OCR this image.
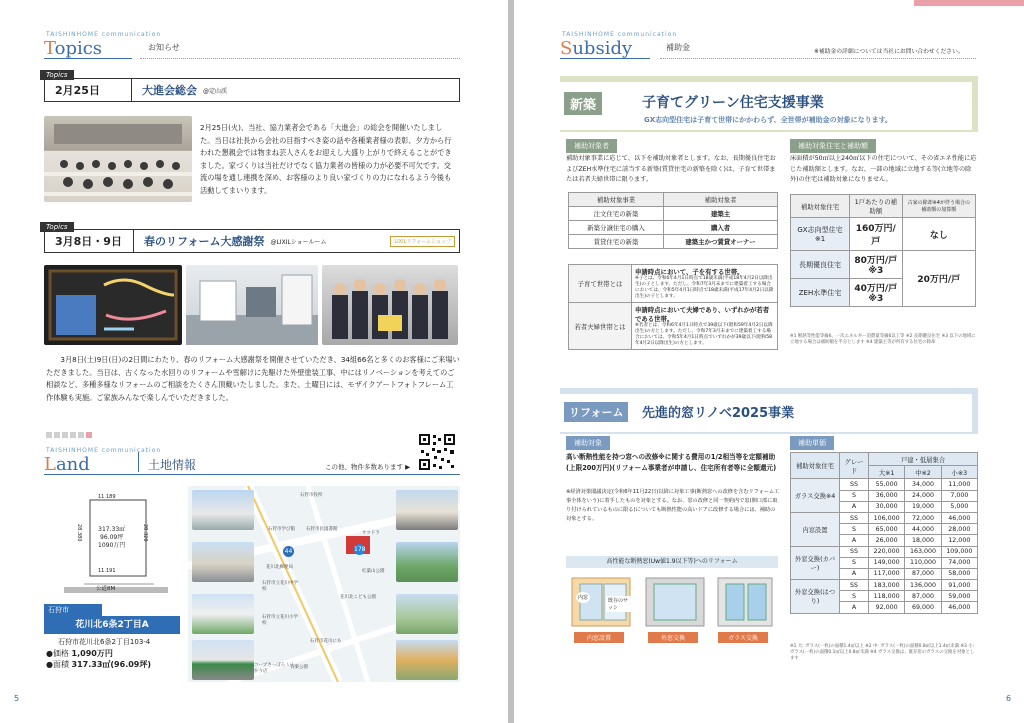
TAISHINHOME communication
Topics	お知らせ
Topics
2月25日	大進会総会 @定山渓
2月25日(火)、当社、協力業者会である「大進会」の総会を開催いたしました。当日は社長から会社の目指すべき姿の話や各種業者様の表彰、夕方から行われた懇親会では物まね芸人さんをお迎えし大盛り上がりで終えることができました。家づくりは当社だけでなく協力業者の皆様の力が必要不可欠です。交流の場を通し連携を深め、お客様のより良い家づくりの力になれるよう今後も活動してまいります。
Topics
3月8日・9日	春のリフォーム大感謝祭 @LIXILショールーム	LIXILリフォームショップ
3月8日(土)9日(日)の2日間にわたり、春のリフォーム大感謝祭を開催させていただき、34組66名と多くのお客様にご来場いただきました。当日は、古くなった水回りのリフォームや雪解けに先駆けた外壁塗装工事、中にはリノベーションを考えてのご相談など、多種多様なリフォームのご相談をたくさん頂戴いたしました。また、土曜日には、モザイクアートフォトフレーム工作体験も実施。ご家族みんなで楽しんでいただきました。
TAISHINHOME communication
Land	土地情報	この他、物件多数あります ▶
11.189
11.191
28.380	28.320
317.33㎡
96.09坪
1090万円
公道8M
石狩市
花川北6条2丁目A
石狩市花川北6条2丁目103-4
●価格 1,090万円
●面積 317.33㎡(96.09坪)
44	178
石狩市役所
石狩市民図書館
石狩市学び館
石狩市立花川中学校
花川北郵便局
石狩市立花川小学校
紅葉山公園
サツドラ
花川北こども公園
石狩市花川にも
有楽公園
コープさっぽろ いしかり店
5
TAISHINHOME communication
Subsidy	補助金	※補助金の詳細については当社にお問い合わせください。
新築	子育てグリーン住宅支援事業
GX志向型住宅は子育て世帯にかかわらず、全世帯が補助金の対象になります。
補助対象者
補助対象事業に応じて、以下を補助対象者とします。なお、長期優良住宅およびZEH水準住宅に該当する新築(賃貸住宅の新築を除く)は、子育て世帯または若者夫婦世帯に限ります。
補助対象事業	補助対象者
注文住宅の新築	建築主
新築分譲住宅の購入	購入者
賃貸住宅の新築	建築主かつ賃貸オーナー
子育て世帯とは	申請時点において、子を有する世帯。
※子とは、令和6年4月1日時点で18歳未満(平成18年4月2日以降出生)の子とします。ただし、令和7年3月末までに建築着工する場合においては、令和5年4月1日時点で18歳未満(平成17年4月2日以降出生)の子とします。

若者夫婦世帯とは	申請時点において夫婦であり、いずれかが若者である世帯。
※若者とは、令和6年4月1日時点で39歳以下(昭和59年4月2日以降出生)の方とします。ただし、令和7年3月末までに建築着工する場合においては、令和5年4月1日時点でいずれかが39歳以下(昭和58年4月2日以降出生)の方とします。
補助対象住宅と補助額
床面積が50㎡以上240㎡以下の住宅について、その省エネ性能に応じた補助額とします。なお、一部の地域に立地する等(立地等の除外)の住宅は補助対象になりません。
補助対象住宅	1戸あたりの補助額	古家の除却※4が伴う場合の補助額の加算額
GX志向型住宅 ※1	160万円/戸	なし
長期優良住宅	80万円/戸 ※3	20万円/戸
ZEH水準住宅	40万円/戸 ※3	
※1 断熱等性能等級6、一次エネルギー消費量等級6以上等 ※2 長期優良住宅 ※3 以下の地域に立地する場合は補助額を半分とします ※4 建築主等が所有する住宅の除却
リフォーム	先進的窓リノベ2025事業
補助対象
高い断熱性能を持つ窓への改修※に関する費用の1/2相当等を定額補助(上限200万円)(リフォーム事業者が申請し、住宅所有者等に全額還元)
※経済対策閣議決定(令和6年11月22日)以降に対象工事(断熱窓への改修を含むリフォーム工事全体をいう)に着手したものを対象とする。なお、窓の改修と同一契約内で窓(開口部に取り付けられているものに限る)についても断熱性能の高いドアに改修する場合には、補助の対象とする。
高性能な断熱窓(Uw値1.9以下等)へのリフォーム
内窓	既存のサッシ
内窓設置	外窓交換	ガラス交換
補助単価
補助対象住宅	グレード	戸建・低層集合		
		大※1	中※2	小※3
ガラス交換※4	SS	55,000	34,000	11,000
	S	36,000	24,000	7,000
	A	30,000	19,000	5,000
内窓設置	SS	106,000	72,000	46,000
	S	65,000	44,000	28,000
	A	26,000	18,000	12,000
外窓交換(カバー)	SS	220,000	163,000	109,000
	S	149,000	110,000	74,000
	A	117,000	87,000	58,000
外窓交換(はつり)	SS	183,000	136,000	91,000
	S	118,000	87,000	59,000
	A	92,000	69,000	46,000
※1 大: ガラス(一枚)の面積1.4㎡以上 ※2 中: ガラス(一枚)の面積0.8㎡以上1.4㎡未満 ※3 小: ガラス(一枚)の面積0.1㎡以上0.8㎡未満 ※4 ガラス交換は、既存窓のガラスの交換を対象とします
6
